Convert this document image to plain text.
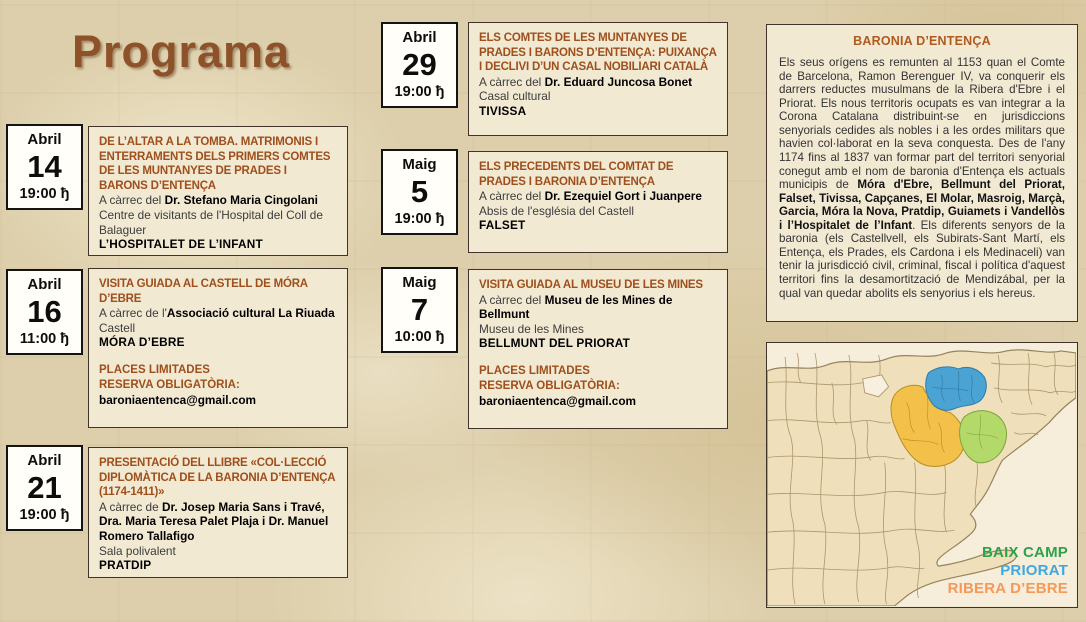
Programa
Abril
14
19:00 ђ
DE L’ALTAR A LA TOMBA. MATRIMONIS I ENTERRAMENTS DELS PRIMERS COMTES DE LES MUNTANYES DE PRADES I BARONS D’ENTENÇA
A càrrec del Dr. Stefano Maria Cingolani
Centre de visitants de l'Hospital del Coll de Balaguer
L’HOSPITALET DE L’INFANT
Abril
16
11:00 ђ
VISITA GUIADA AL CASTELL DE MÓRA D’EBRE
A càrrec de l'Associació cultural La Riuada
Castell
MÓRA D’EBRE
PLACES LIMITADES
RESERVA OBLIGATÒRIA:
baroniaentenca@gmail.com
Abril
21
19:00 ђ
PRESENTACIÓ DEL LLIBRE «COL·LECCIÓ DIPLOMÀTICA DE LA BARONIA D’ENTENÇA (1174-1411)»
A càrrec de Dr. Josep Maria Sans i Travé, Dra. Maria Teresa Palet Plaja i Dr. Manuel Romero Tallafigo
Sala polivalent
PRATDIP
Abril
29
19:00 ђ
ELS COMTES DE LES MUNTANYES DE PRADES I BARONS D’ENTENÇA: PUIXANÇA I DECLIVI D’UN CASAL NOBILIARI CATALÀ
A càrrec del Dr. Eduard Juncosa Bonet
Casal cultural
TIVISSA
Maig
5
19:00 ђ
ELS PRECEDENTS DEL COMTAT DE PRADES I BARONIA D’ENTENÇA
A càrrec del Dr. Ezequiel Gort i Juanpere
Absis de l'església del Castell
FALSET
Maig
7
10:00 ђ
VISITA GUIADA AL MUSEU DE LES MINES
A càrrec del Museu de les Mines de Bellmunt
Museu de les Mines
BELLMUNT DEL PRIORAT
PLACES LIMITADES
RESERVA OBLIGATÒRIA:
baroniaentenca@gmail.com
BARONIA D’ENTENÇA

Els seus orígens es remunten al 1153 quan el Comte de Barcelona, Ramon Berenguer IV, va conquerir els darrers reductes musulmans de la Ribera d'Ebre i el Priorat. Els nous territoris ocupats es van integrar a la Corona Catalana distribuint-se en jurisdiccions senyorials cedides als nobles i a les ordes militars que havien col·laborat en la seva conquesta. Des de l'any 1174 fins al 1837 van formar part del territori senyorial conegut amb el nom de baronia d'Entença els actuals municipis de Móra d'Ebre, Bellmunt del Priorat, Falset, Tivissa, Capçanes, El Molar, Masroig, Marçà, Garcia, Móra la Nova, Pratdip, Guiamets i Vandellòs i l’Hospitalet de l’Infant. Els diferents senyors de la baronia (els Castellvell, els Subirats-Sant Martí, els Entença, els Prades, els Cardona i els Medinaceli) van tenir la jurisdicció civil, criminal, fiscal i política d'aquest territori fins la desamortització de Mendizábal, per la qual van quedar abolits els senyorius i els hereus.

BAIX CAMP
PRIORAT
RIBERA D’EBRE
